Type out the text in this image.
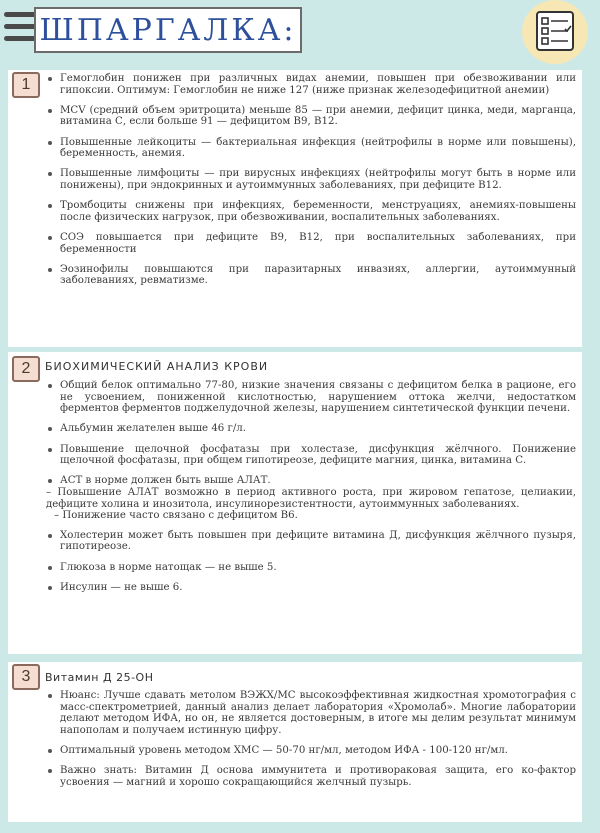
ШПАРГАЛКА:
1	Гемоглобин понижен при различных видах анемии, повышен при обезвоживании или гипоксии. Оптимум: Гемоглобин не ниже 127 (ниже признак железодефицитной анемии)
MCV (средний объем эритроцита) меньше 85 — при анемии, дефицит цинка, меди, марганца, витамина С, если больше 91 — дефицитом В9, В12.
Повышенные лейкоциты — бактериальная инфекция (нейтрофилы в норме или повышены), беременность, анемия.
Повышенные лимфоциты — при вирусных инфекциях (нейтрофилы могут быть в норме или понижены), при эндокринных и аутоиммунных заболеваниях, при дефиците В12.
Тромбоциты снижены при инфекциях, беременности, менструациях, анемиях-повышены после физических нагрузок, при обезвоживании, воспалительных заболеваниях.
СОЭ повышается при дефиците В9, В12, при воспалительных заболеваниях, при беременности
Эозинофилы повышаются при паразитарных инвазиях, аллергии, аутоиммунный заболеваниях, ревматизме.
2	БИОХИМИЧЕСКИЙ АНАЛИЗ КРОВИ
Общий белок оптимально 77-80, низкие значения связаны с дефицитом белка в рационе, его не усвоением, пониженной кислотностью, нарушением оттока желчи, недостатком ферментов ферментов поджелудочной железы, нарушением синтетической функции печени.
Альбумин желателен выше 46 г/л.
Повышение щелочной фосфатазы при холестазе, дисфункция жёлчного. Понижение щелочной фосфатазы, при общем гипотиреозе, дефиците магния, цинка, витамина С.
АСТ в норме должен быть выше АЛАТ.
– Повышение АЛАТ возможно в период активного роста, при жировом гепатозе, целиакии, дефиците холина и инозитола, инсулинорезистентности, аутоиммунных заболеваниях.
– Понижение часто связано с дефицитом В6.
Холестерин может быть повышен при дефиците витамина Д, дисфункция жёлчного пузыря, гипотиреозе.
Глюкоза в норме натощак — не выше 5.
Инсулин — не выше 6.
3	Витамин Д 25-ОН
Нюанс: Лучше сдавать метолом ВЭЖХ/МС высокоэффективная жидкостная хромотография с масс-спектрометрией, данный анализ делает лаборатория «Хромолаб». Многие лаборатории делают методом ИФА, но он, не является достоверным, в итоге мы делим результат минимум напополам и получаем истинную цифру.
Оптимальный уровень методом ХМС — 50-70 нг/мл, методом ИФА - 100-120 нг/мл.
Важно знать: Витамин Д основа иммунитета и противораковая защита, его ко-фактор усвоения — магний и хорошо сокращающийся желчный пузырь.
